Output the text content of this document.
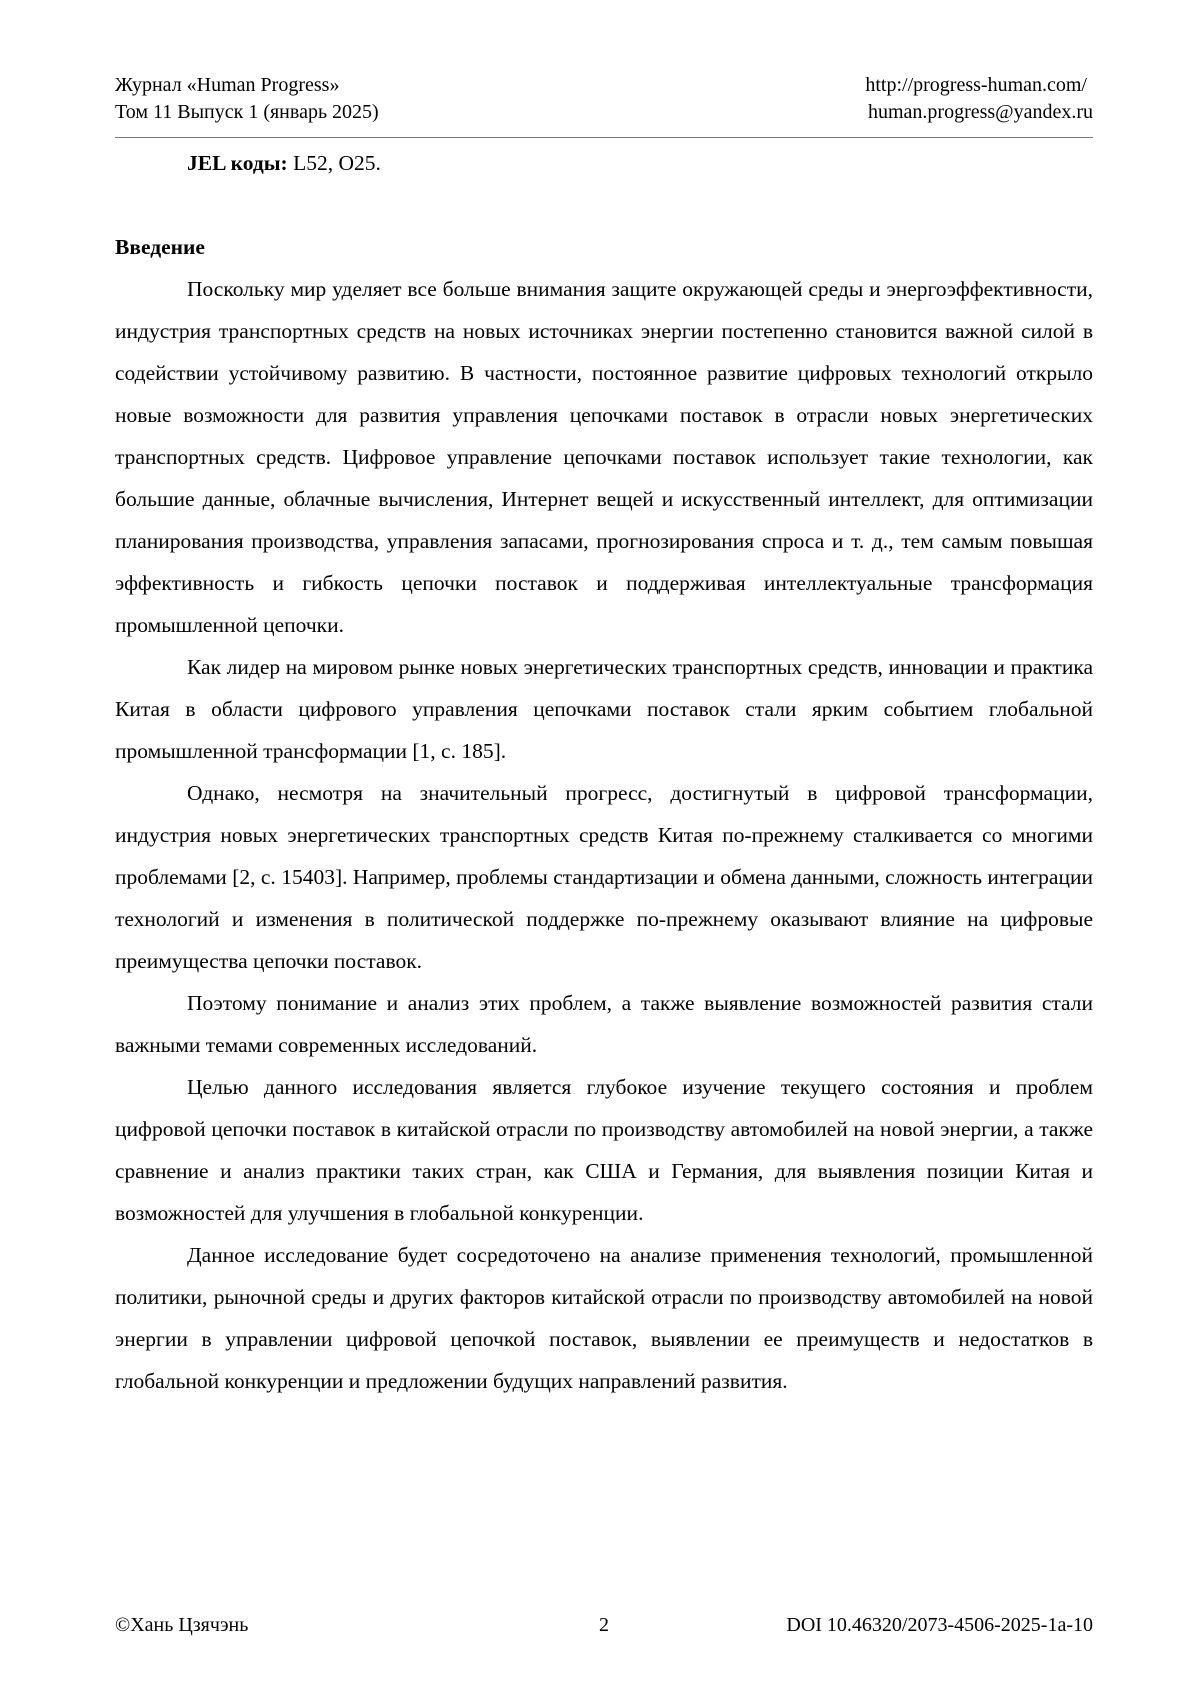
Журнал «Human Progress»
Том 11 Выпуск 1 (январь 2025)
http://progress-human.com/
human.progress@yandex.ru

JEL коды: L52, O25.

Введение

Поскольку мир уделяет все больше внимания защите окружающей среды и энергоэффективности, индустрия транспортных средств на новых источниках энергии постепенно становится важной силой в содействии устойчивому развитию. В частности, постоянное развитие цифровых технологий открыло новые возможности для развития управления цепочками поставок в отрасли новых энергетических транспортных средств. Цифровое управление цепочками поставок использует такие технологии, как большие данные, облачные вычисления, Интернет вещей и искусственный интеллект, для оптимизации планирования производства, управления запасами, прогнозирования спроса и т. д., тем самым повышая эффективность и гибкость цепочки поставок и поддерживая интеллектуальные трансформация промышленной цепочки.

Как лидер на мировом рынке новых энергетических транспортных средств, инновации и практика Китая в области цифрового управления цепочками поставок стали ярким событием глобальной промышленной трансформации [1, с. 185].

Однако, несмотря на значительный прогресс, достигнутый в цифровой трансформации, индустрия новых энергетических транспортных средств Китая по-прежнему сталкивается со многими проблемами [2, с. 15403]. Например, проблемы стандартизации и обмена данными, сложность интеграции технологий и изменения в политической поддержке по-прежнему оказывают влияние на цифровые преимущества цепочки поставок.

Поэтому понимание и анализ этих проблем, а также выявление возможностей развития стали важными темами современных исследований.

Целью данного исследования является глубокое изучение текущего состояния и проблем цифровой цепочки поставок в китайской отрасли по производству автомобилей на новой энергии, а также сравнение и анализ практики таких стран, как США и Германия, для выявления позиции Китая и возможностей для улучшения в глобальной конкуренции.

Данное исследование будет сосредоточено на анализе применения технологий, промышленной политики, рыночной среды и других факторов китайской отрасли по производству автомобилей на новой энергии в управлении цифровой цепочкой поставок, выявлении ее преимуществ и недостатков в глобальной конкуренции и предложении будущих направлений развития.

©Хань Цзячэнь	2	DOI 10.46320/2073-4506-2025-1a-10
